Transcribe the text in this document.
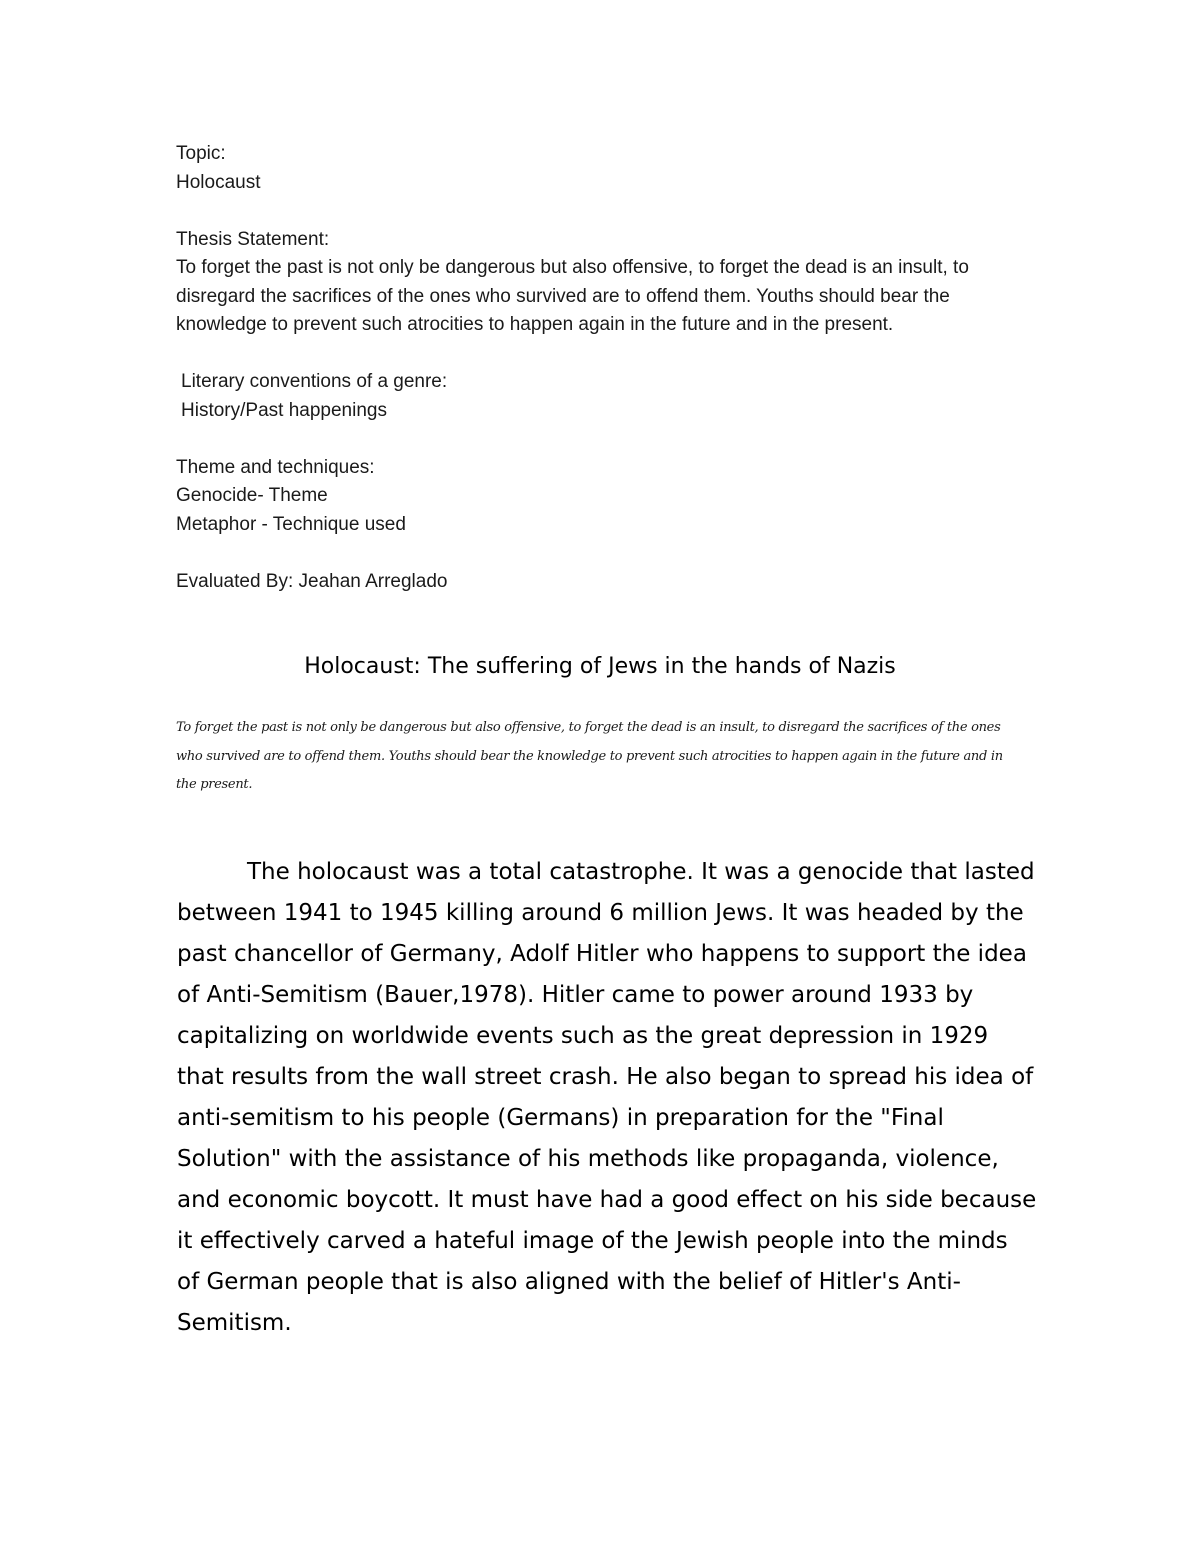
Topic:

Holocaust

Thesis Statement:

To forget the past is not only be dangerous but also offensive, to forget the dead is an insult, to disregard the sacrifices of the ones who survived are to offend them. Youths should bear the knowledge to prevent such atrocities to happen again in the future and in the present.

Literary conventions of a genre:

History/Past happenings

Theme and techniques:

Genocide- Theme

Metaphor - Technique used

Evaluated By: Jeahan Arreglado

Holocaust: The suffering of Jews in the hands of Nazis
To forget the past is not only be dangerous but also offensive, to forget the dead is an insult, to disregard the sacrifices of the ones who survived are to offend them. Youths should bear the knowledge to prevent such atrocities to happen again in the future and in the present.

The holocaust was a total catastrophe. It was a genocide that lasted between 1941 to 1945 killing around 6 million Jews. It was headed by the past chancellor of Germany, Adolf Hitler who happens to support the idea of Anti-Semitism (Bauer,1978). Hitler came to power around 1933 by capitalizing on worldwide events such as the great depression in 1929 that results from the wall street crash. He also began to spread his idea of anti-semitism to his people (Germans) in preparation for the "Final Solution" with the assistance of his methods like propaganda, violence, and economic boycott. It must have had a good effect on his side because it effectively carved a hateful image of the Jewish people into the minds of German people that is also aligned with the belief of Hitler's Anti-Semitism.
